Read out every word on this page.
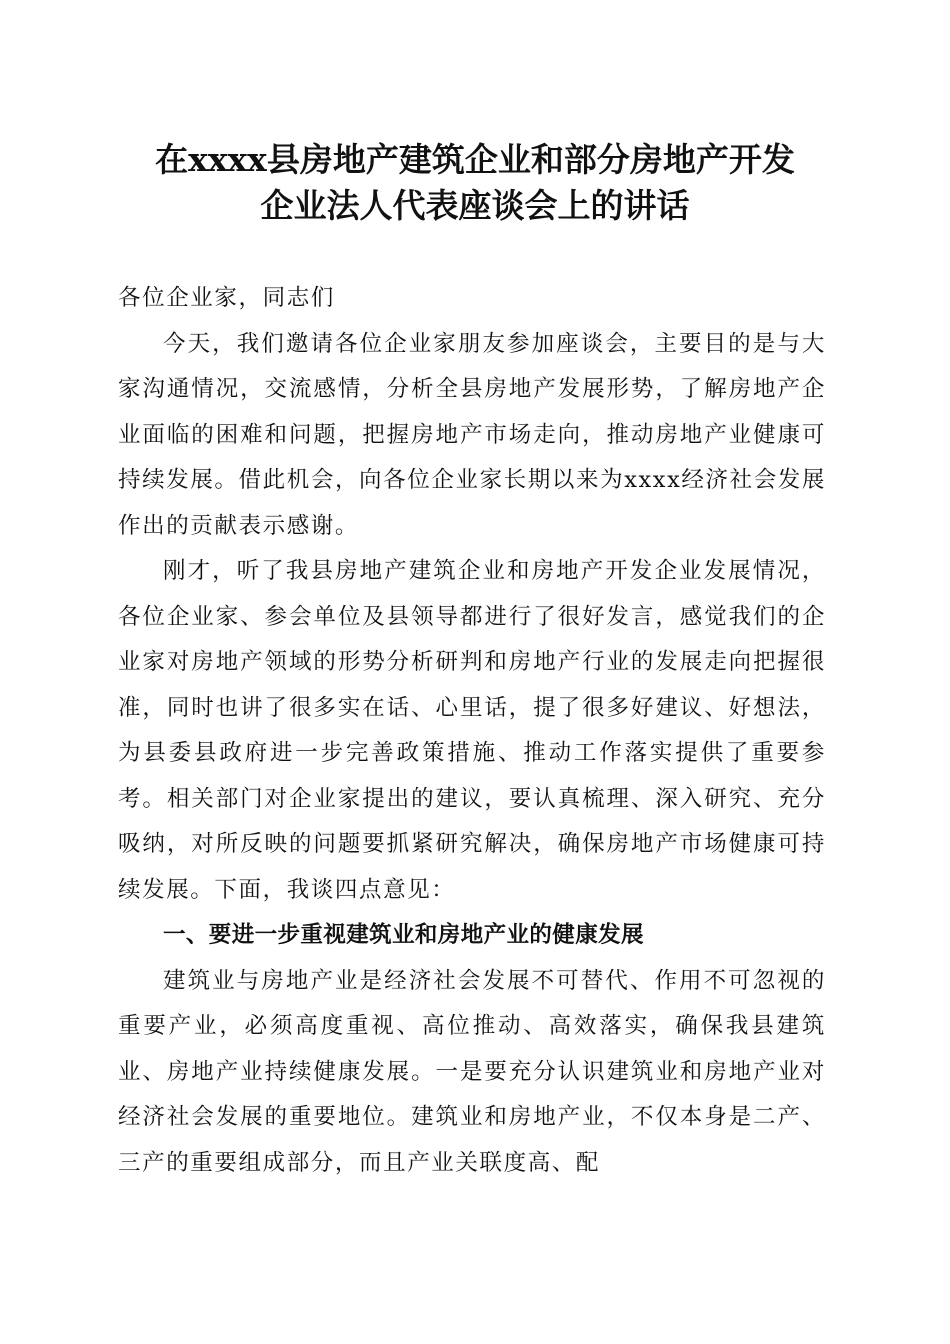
在xxxx县房地产建筑企业和部分房地产开发
企业法人代表座谈会上的讲话

各位企业家，同志们

今天，我们邀请各位企业家朋友参加座谈会，主要目的是与大家沟通情况，交流感情，分析全县房地产发展形势，了解房地产企业面临的困难和问题，把握房地产市场走向，推动房地产业健康可持续发展。借此机会，向各位企业家长期以来为xxxx经济社会发展作出的贡献表示感谢。

刚才，听了我县房地产建筑企业和房地产开发企业发展情况，各位企业家、参会单位及县领导都进行了很好发言，感觉我们的企业家对房地产领域的形势分析研判和房地产行业的发展走向把握很准，同时也讲了很多实在话、心里话，提了很多好建议、好想法，为县委县政府进一步完善政策措施、推动工作落实提供了重要参考。相关部门对企业家提出的建议，要认真梳理、深入研究、充分吸纳，对所反映的问题要抓紧研究解决，确保房地产市场健康可持续发展。下面，我谈四点意见：

一、要进一步重视建筑业和房地产业的健康发展

建筑业与房地产业是经济社会发展不可替代、作用不可忽视的重要产业，必须高度重视、高位推动、高效落实，确保我县建筑业、房地产业持续健康发展。一是要充分认识建筑业和房地产业对经济社会发展的重要地位。建筑业和房地产业，不仅本身是二产、三产的重要组成部分，而且产业关联度高、配
